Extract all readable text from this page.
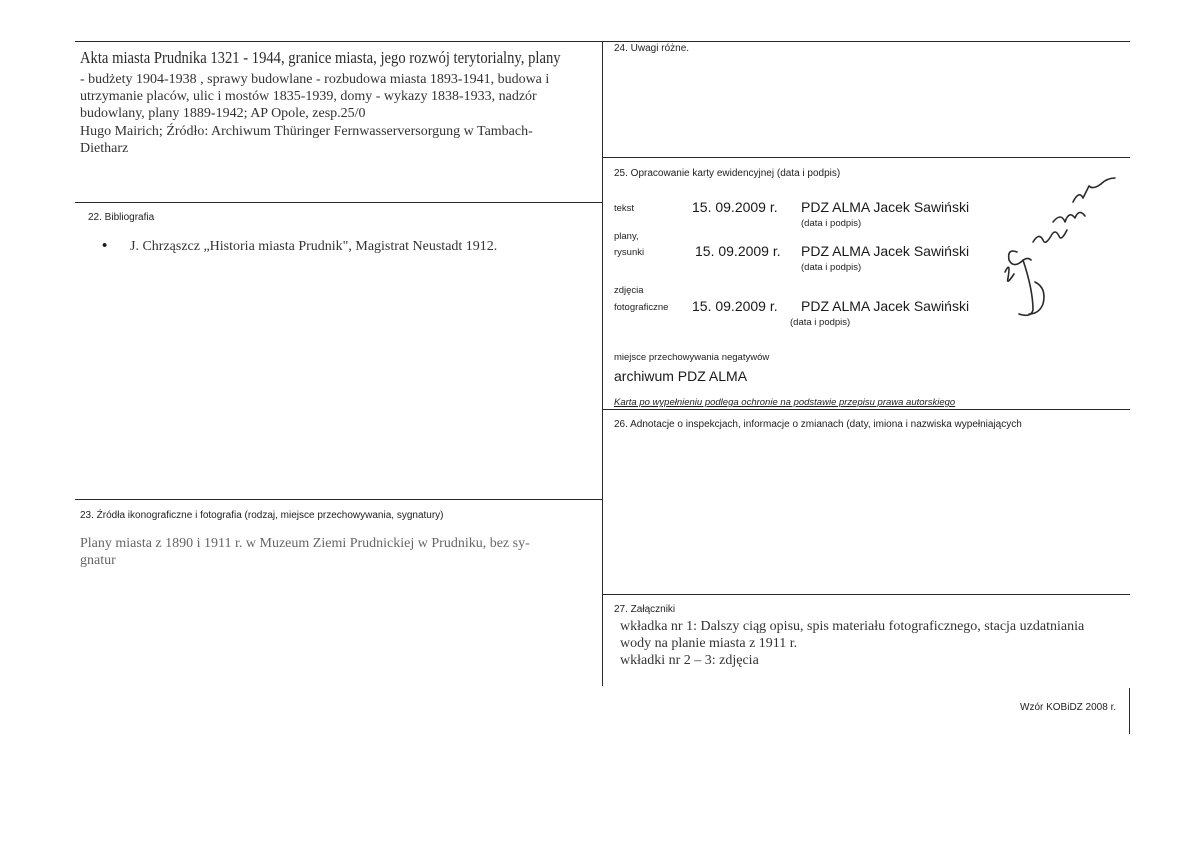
Akta miasta Prudnika 1321 - 1944, granice miasta, jego rozwój terytorialny, plany
- budżety 1904-1938 , sprawy budowlane - rozbudowa miasta 1893-1941, budowa i
utrzymanie placów, ulic i mostów 1835-1939, domy - wykazy 1838-1933, nadzór
budowlany, plany 1889-1942; AP Opole, zesp.25/0
Hugo Mairich; Źródło: Archiwum Thüringer Fernwasserversorgung w Tambach-
Dietharz
22. Bibliografia
• J. Chrząszcz „Historia miasta Prudnik", Magistrat Neustadt 1912.
23. Źródła ikonograficzne i fotografia (rodzaj, miejsce przechowywania, sygnatury)
Plany miasta z 1890 i 1911 r. w Muzeum Ziemi Prudnickiej w Prudniku, bez sy-
gnatur
24. Uwagi różne.
25. Opracowanie karty ewidencyjnej (data i podpis)
tekst	15. 09.2009 r. PDZ ALMA Jacek Sawiński
(data i podpis)
plany,
rysunki	15. 09.2009 r. PDZ ALMA Jacek Sawiński
(data i podpis)
zdjęcia
fotograficzne 15. 09.2009 r. PDZ ALMA Jacek Sawiński
(data i podpis)
miejsce przechowywania negatywów
archiwum PDZ ALMA
Karta po wypełnieniu podlega ochronie na podstawie przepisu prawa autorskiego
26. Adnotacje o inspekcjach, informacje o zmianach (daty, imiona i nazwiska wypełniających
27. Załączniki
wkładka nr 1: Dalszy ciąg opisu, spis materiału fotograficznego, stacja uzdatniania
wody na planie miasta z 1911 r.
wkładki nr 2 – 3: zdjęcia
Wzór KOBiDZ 2008 r.
